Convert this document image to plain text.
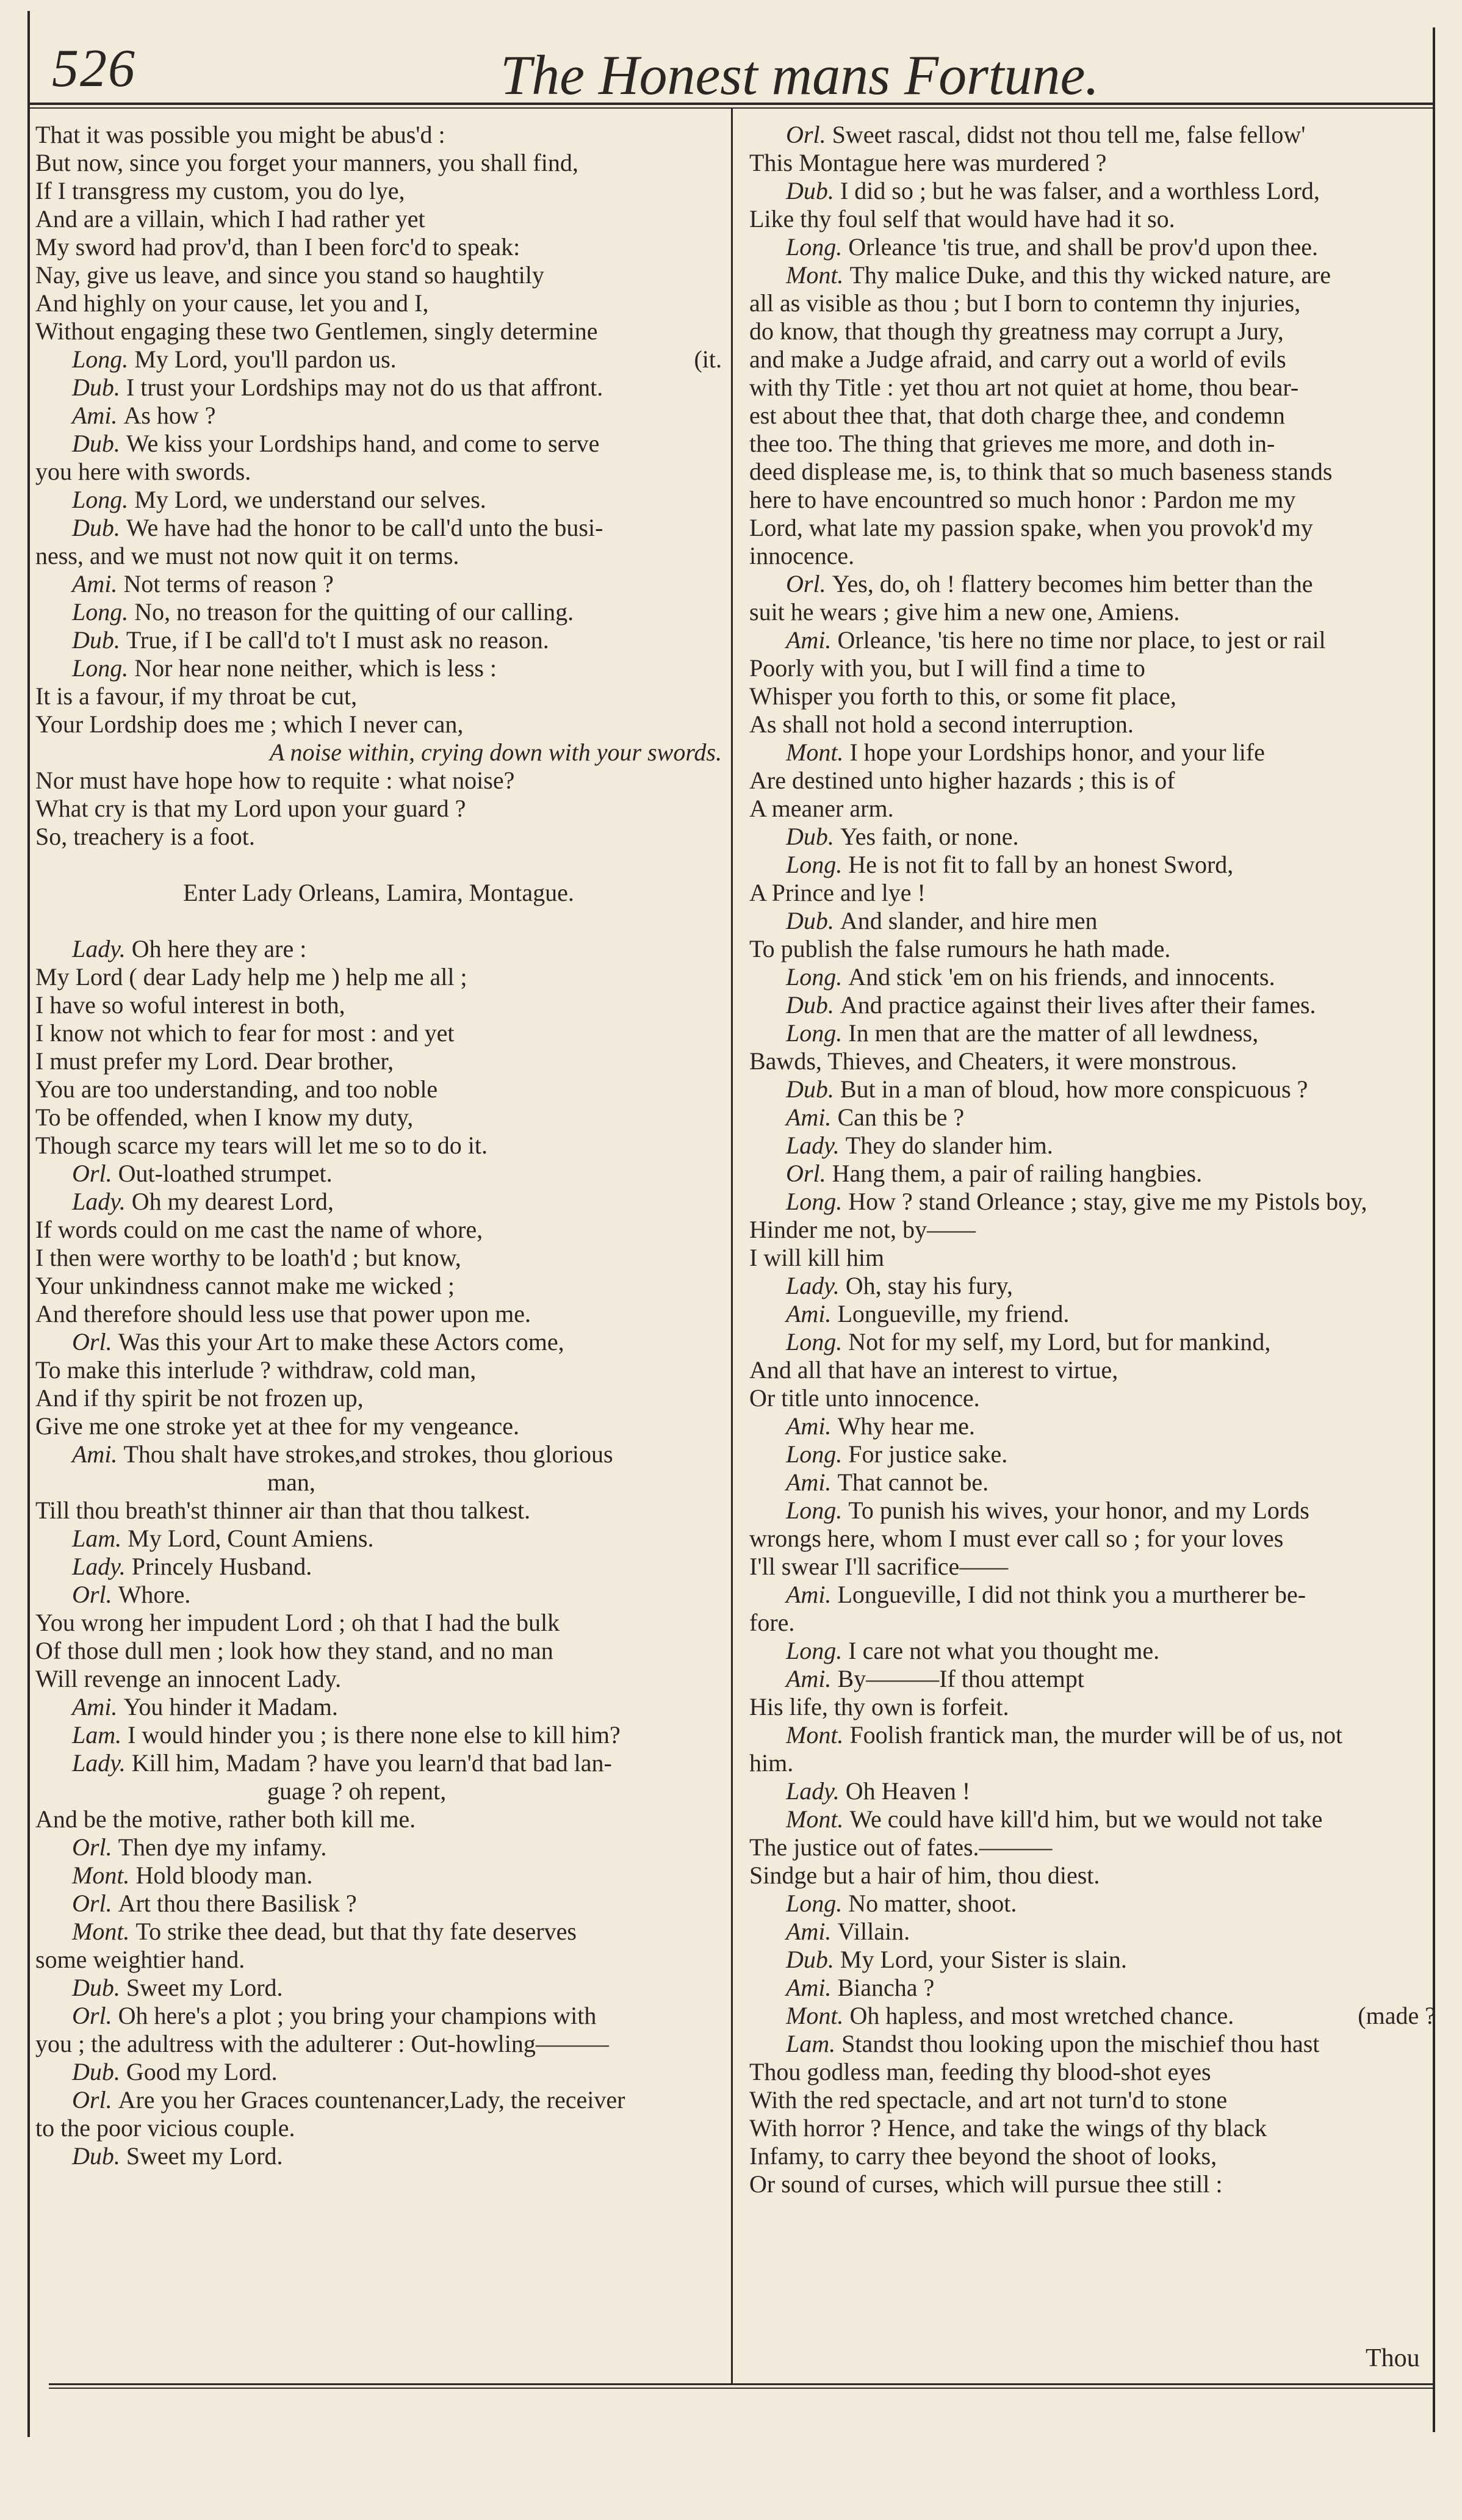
526	The Honest mans Fortune.
That it was possible you might be abus'd :
But now, since you forget your manners, you shall find,
If I transgress my custom, you do lye,
And are a villain, which I had rather yet
My sword had prov'd, than I been forc'd to speak:
Nay, give us leave, and since you stand so haughtily
And highly on your cause, let you and I,
Without engaging these two Gentlemen, singly determine
Long. My Lord, you'll pardon us.	(it.
Dub. I trust your Lordships may not do us that affront.
Ami. As how ?
Dub. We kiss your Lordships hand, and come to serve
you here with swords.
Long. My Lord, we understand our selves.
Dub. We have had the honor to be call'd unto the busi-
ness, and we must not now quit it on terms.
Ami. Not terms of reason ?
Long. No, no treason for the quitting of our calling.
Dub. True, if I be call'd to't I must ask no reason.
Long. Nor hear none neither, which is less :
It is a favour, if my throat be cut,
Your Lordship does me ; which I never can,
A noise within, crying down with your swords.
Nor must have hope how to requite : what noise?
What cry is that my Lord upon your guard ?
So, treachery is a foot.
Enter Lady Orleans, Lamira, Montague.
Lady. Oh here they are :
My Lord ( dear Lady help me ) help me all ;
I have so woful interest in both,
I know not which to fear for most : and yet
I must prefer my Lord. Dear brother,
You are too understanding, and too noble
To be offended, when I know my duty,
Though scarce my tears will let me so to do it.
Orl. Out-loathed strumpet.
Lady. Oh my dearest Lord,
If words could on me cast the name of whore,
I then were worthy to be loath'd ; but know,
Your unkindness cannot make me wicked ;
And therefore should less use that power upon me.
Orl. Was this your Art to make these Actors come,
To make this interlude ? withdraw, cold man,
And if thy spirit be not frozen up,
Give me one stroke yet at thee for my vengeance.
Ami. Thou shalt have strokes,and strokes, thou glorious
man,
Till thou breath'st thinner air than that thou talkest.
Lam. My Lord, Count Amiens.
Lady. Princely Husband.
Orl. Whore.
You wrong her impudent Lord ; oh that I had the bulk
Of those dull men ; look how they stand, and no man
Will revenge an innocent Lady.
Ami. You hinder it Madam.
Lam. I would hinder you ; is there none else to kill him?
Lady. Kill him, Madam ? have you learn'd that bad lan-
guage ? oh repent,
And be the motive, rather both kill me.
Orl. Then dye my infamy.
Mont. Hold bloody man.
Orl. Art thou there Basilisk ?
Mont. To strike thee dead, but that thy fate deserves
some weightier hand.
Dub. Sweet my Lord.
Orl. Oh here's a plot ; you bring your champions with
you ; the adultress with the adulterer : Out-howling———
Dub. Good my Lord.
Orl. Are you her Graces countenancer,Lady, the receiver
to the poor vicious couple.
Dub. Sweet my Lord.
Orl. Sweet rascal, didst not thou tell me, false fellow'
This Montague here was murdered ?
Dub. I did so ; but he was falser, and a worthless Lord,
Like thy foul self that would have had it so.
Long. Orleance 'tis true, and shall be prov'd upon thee.
Mont. Thy malice Duke, and this thy wicked nature, are
all as visible as thou ; but I born to contemn thy injuries,
do know, that though thy greatness may corrupt a Jury,
and make a Judge afraid, and carry out a world of evils
with thy Title : yet thou art not quiet at home, thou bear-
est about thee that, that doth charge thee, and condemn
thee too. The thing that grieves me more, and doth in-
deed displease me, is, to think that so much baseness stands
here to have encountred so much honor : Pardon me my
Lord, what late my passion spake, when you provok'd my
innocence.
Orl. Yes, do, oh ! flattery becomes him better than the
suit he wears ; give him a new one, Amiens.
Ami. Orleance, 'tis here no time nor place, to jest or rail
Poorly with you, but I will find a time to
Whisper you forth to this, or some fit place,
As shall not hold a second interruption.
Mont. I hope your Lordships honor, and your life
Are destined unto higher hazards ; this is of
A meaner arm.
Dub. Yes faith, or none.
Long. He is not fit to fall by an honest Sword,
A Prince and lye !
Dub. And slander, and hire men
To publish the false rumours he hath made.
Long. And stick 'em on his friends, and innocents.
Dub. And practice against their lives after their fames.
Long. In men that are the matter of all lewdness,
Bawds, Thieves, and Cheaters, it were monstrous.
Dub. But in a man of bloud, how more conspicuous ?
Ami. Can this be ?
Lady. They do slander him.
Orl. Hang them, a pair of railing hangbies.
Long. How ? stand Orleance ; stay, give me my Pistols boy,
Hinder me not, by——
I will kill him
Lady. Oh, stay his fury,
Ami. Longueville, my friend.
Long. Not for my self, my Lord, but for mankind,
And all that have an interest to virtue,
Or title unto innocence.
Ami. Why hear me.
Long. For justice sake.
Ami. That cannot be.
Long. To punish his wives, your honor, and my Lords
wrongs here, whom I must ever call so ; for your loves
I'll swear I'll sacrifice——
Ami. Longueville, I did not think you a murtherer be-
fore.
Long. I care not what you thought me.
Ami. By———If thou attempt
His life, thy own is forfeit.
Mont. Foolish frantick man, the murder will be of us, not
him.
Lady. Oh Heaven !
Mont. We could have kill'd him, but we would not take
The justice out of fates.———
Sindge but a hair of him, thou diest.
Long. No matter, shoot.
Ami. Villain.
Dub. My Lord, your Sister is slain.
Ami. Biancha ?
Mont. Oh hapless, and most wretched chance.	(made ?
Lam. Standst thou looking upon the mischief thou hast
Thou godless man, feeding thy blood-shot eyes
With the red spectacle, and art not turn'd to stone
With horror ? Hence, and take the wings of thy black
Infamy, to carry thee beyond the shoot of looks,
Or sound of curses, which will pursue thee still :
Thou
